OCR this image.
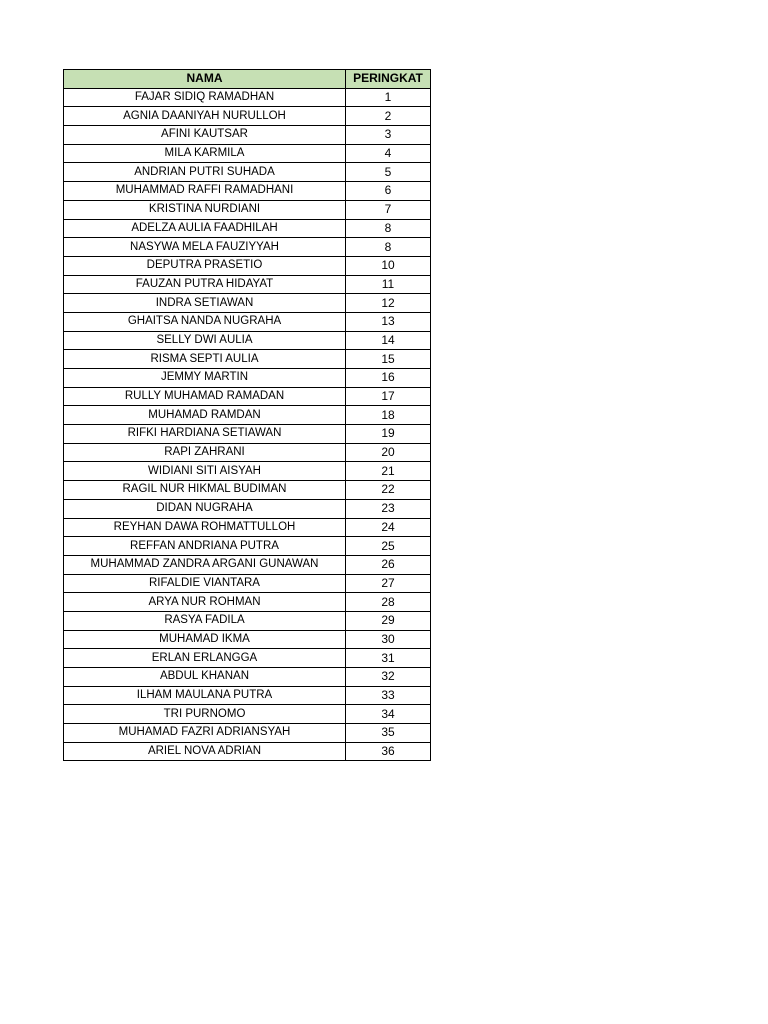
NAMA	PERINGKAT
FAJAR SIDIQ RAMADHAN	1
AGNIA DAANIYAH NURULLOH	2
AFINI KAUTSAR	3
MILA KARMILA	4
ANDRIAN PUTRI SUHADA	5
MUHAMMAD RAFFI RAMADHANI	6
KRISTINA NURDIANI	7
ADELZA AULIA FAADHILAH	8
NASYWA MELA FAUZIYYAH	8
DEPUTRA PRASETIO	10
FAUZAN PUTRA HIDAYAT	11
INDRA SETIAWAN	12
GHAITSA NANDA NUGRAHA	13
SELLY DWI AULIA	14
RISMA SEPTI AULIA	15
JEMMY MARTIN	16
RULLY MUHAMAD RAMADAN	17
MUHAMAD RAMDAN	18
RIFKI HARDIANA SETIAWAN	19
RAPI ZAHRANI	20
WIDIANI SITI AISYAH	21
RAGIL NUR HIKMAL BUDIMAN	22
DIDAN NUGRAHA	23
REYHAN DAWA ROHMATTULLOH	24
REFFAN ANDRIANA PUTRA	25
MUHAMMAD ZANDRA ARGANI GUNAWAN	26
RIFALDIE VIANTARA	27
ARYA NUR ROHMAN	28
RASYA FADILA	29
MUHAMAD IKMA	30
ERLAN ERLANGGA	31
ABDUL KHANAN	32
ILHAM MAULANA PUTRA	33
TRI PURNOMO	34
MUHAMAD FAZRI ADRIANSYAH	35
ARIEL NOVA ADRIAN	36
